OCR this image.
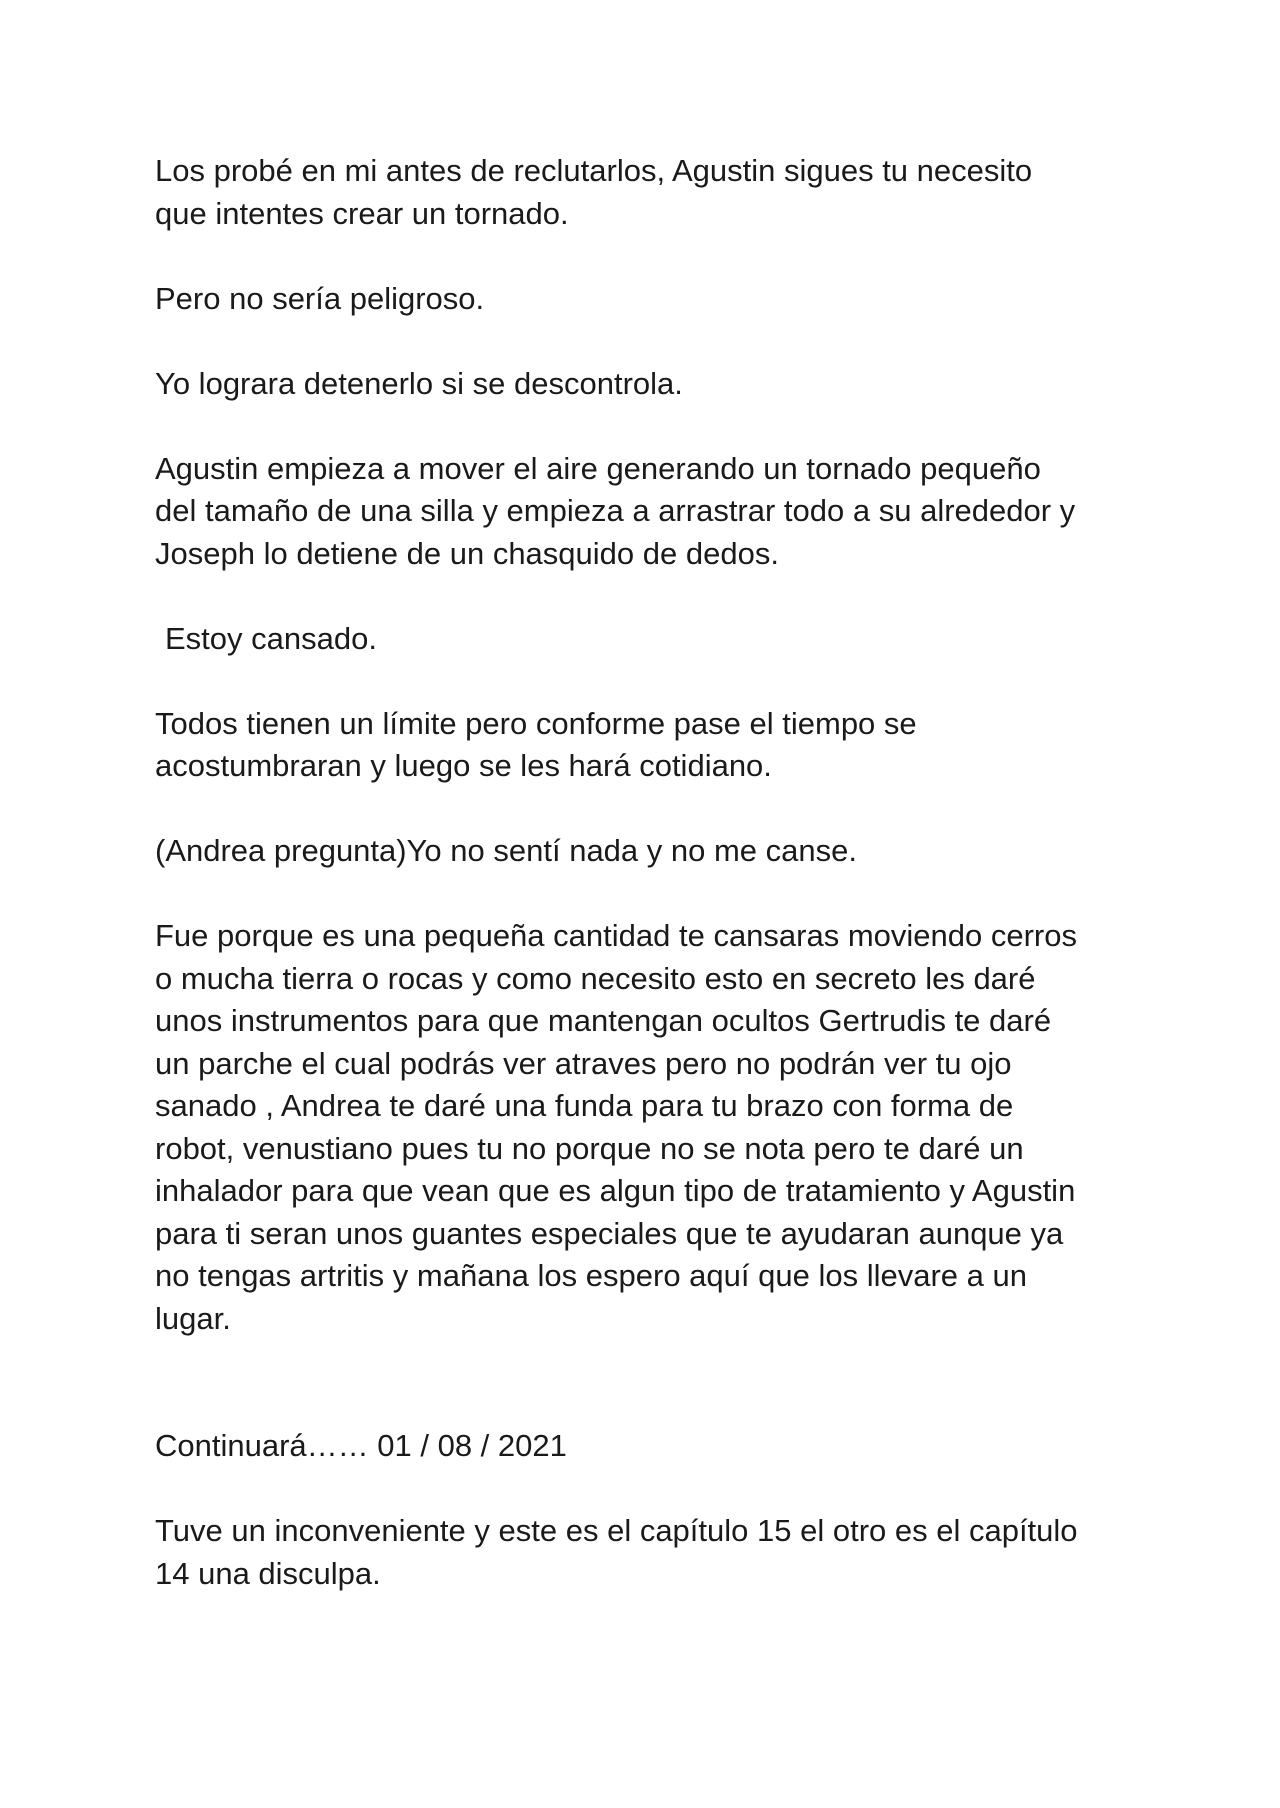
Los probé en mi antes de reclutarlos, Agustin sigues tu necesito
que intentes crear un tornado.

Pero no sería peligroso.

Yo lograra detenerlo si se descontrola.

Agustin empieza a mover el aire generando un tornado pequeño
del tamaño de una silla y empieza a arrastrar todo a su alrededor y
Joseph lo detiene de un chasquido de dedos.

Estoy cansado.

Todos tienen un límite pero conforme pase el tiempo se
acostumbraran y luego se les hará cotidiano.

(Andrea pregunta)Yo no sentí nada y no me canse.

Fue porque es una pequeña cantidad te cansaras moviendo cerros
o mucha tierra o rocas y como necesito esto en secreto les daré
unos instrumentos para que mantengan ocultos Gertrudis te daré
un parche el cual podrás ver atraves pero no podrán ver tu ojo
sanado , Andrea te daré una funda para tu brazo con forma de
robot, venustiano pues tu no porque no se nota pero te daré un
inhalador para que vean que es algun tipo de tratamiento y Agustin
para ti seran unos guantes especiales que te ayudaran aunque ya
no tengas artritis y mañana los espero aquí que los llevare a un
lugar.

Continuará…… 01 / 08 / 2021

Tuve un inconveniente y este es el capítulo 15 el otro es el capítulo
14 una disculpa.
